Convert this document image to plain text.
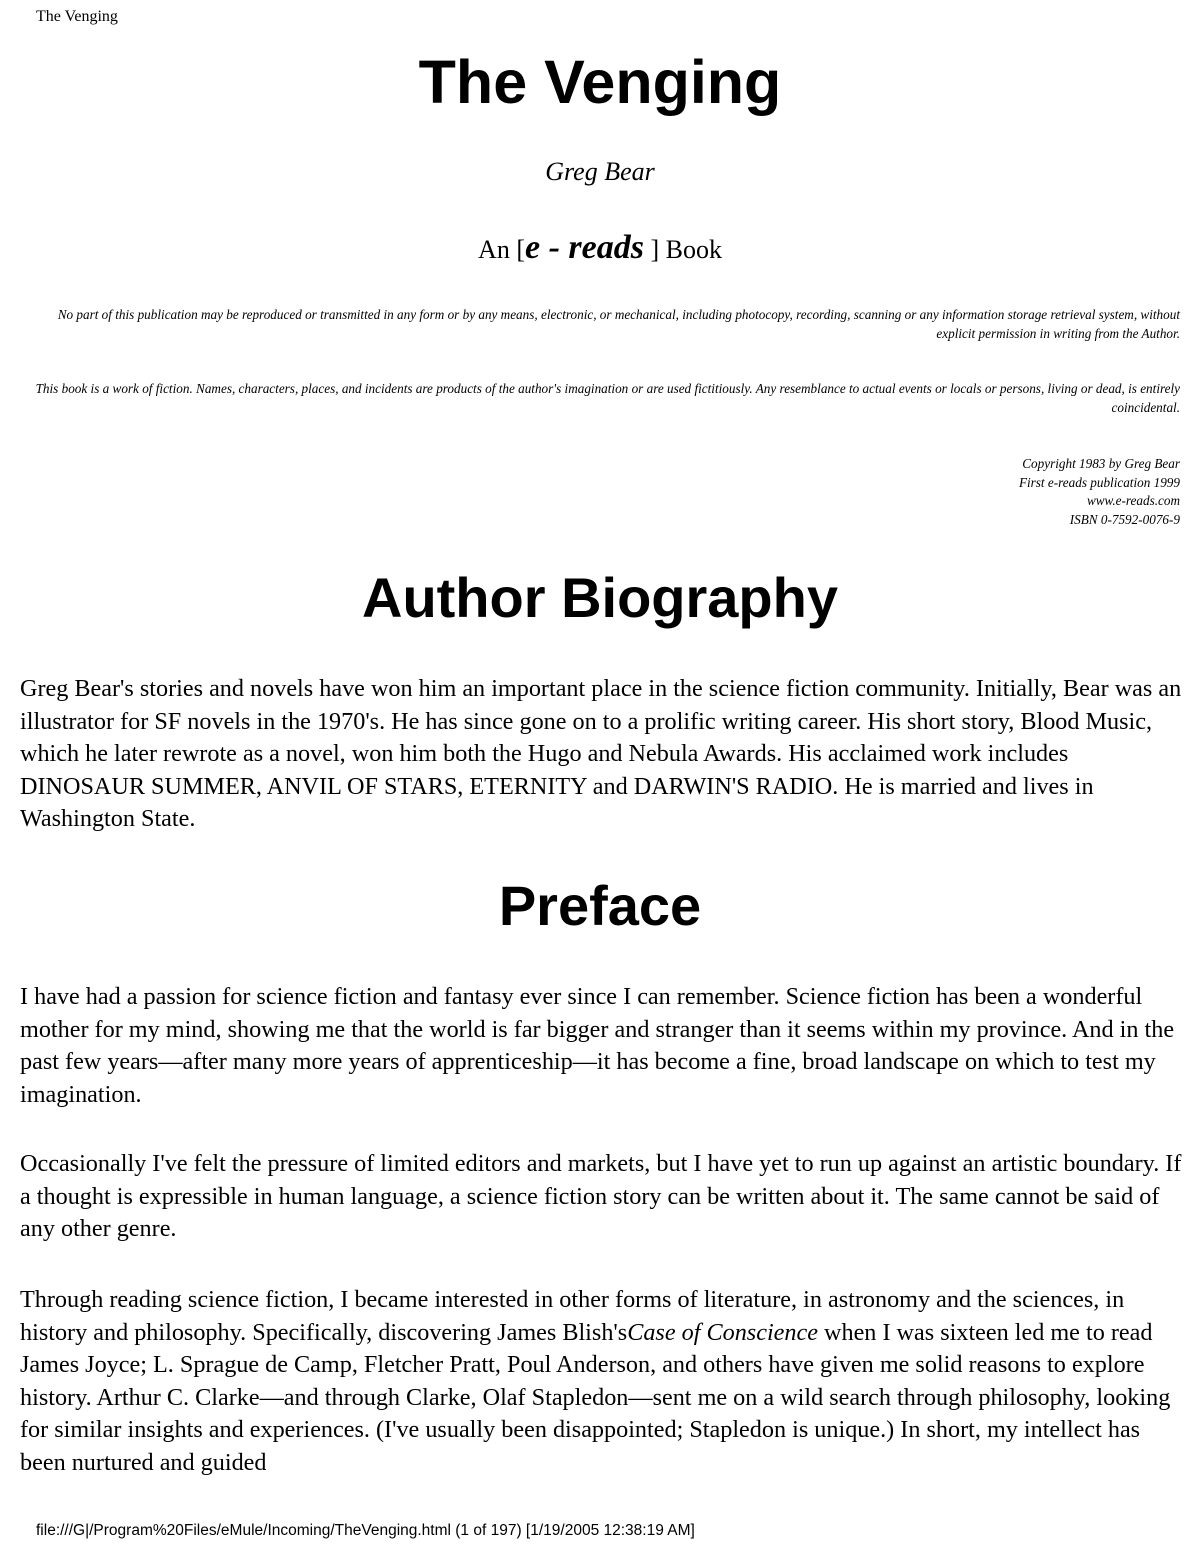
The Venging
The Venging
Greg Bear
An [e - reads ] Book
No part of this publication may be reproduced or transmitted in any form or by any means, electronic, or mechanical, including photocopy, recording, scanning or any information storage retrieval system, without explicit permission in writing from the Author.
This book is a work of fiction. Names, characters, places, and incidents are products of the author's imagination or are used fictitiously. Any resemblance to actual events or locals or persons, living or dead, is entirely coincidental.
Copyright 1983 by Greg Bear
First e-reads publication 1999
www.e-reads.com
ISBN 0-7592-0076-9
Author Biography

Greg Bear's stories and novels have won him an important place in the science fiction community. Initially, Bear was an illustrator for SF novels in the 1970's. He has since gone on to a prolific writing career. His short story, Blood Music, which he later rewrote as a novel, won him both the Hugo and Nebula Awards. His acclaimed work includes DINOSAUR SUMMER, ANVIL OF STARS, ETERNITY and DARWIN'S RADIO. He is married and lives in Washington State.

Preface

I have had a passion for science fiction and fantasy ever since I can remember. Science fiction has been a wonderful mother for my mind, showing me that the world is far bigger and stranger than it seems within my province. And in the past few years—after many more years of apprenticeship—it has become a fine, broad landscape on which to test my imagination.

Occasionally I've felt the pressure of limited editors and markets, but I have yet to run up against an artistic boundary. If a thought is expressible in human language, a science fiction story can be written about it. The same cannot be said of any other genre.

Through reading science fiction, I became interested in other forms of literature, in astronomy and the sciences, in history and philosophy. Specifically, discovering James Blish'sCase of Conscience when I was sixteen led me to read James Joyce; L. Sprague de Camp, Fletcher Pratt, Poul Anderson, and others have given me solid reasons to explore history. Arthur C. Clarke—and through Clarke, Olaf Stapledon—sent me on a wild search through philosophy, looking for similar insights and experiences. (I've usually been disappointed; Stapledon is unique.) In short, my intellect has been nurtured and guided

file:///G|/Program%20Files/eMule/Incoming/TheVenging.html (1 of 197) [1/19/2005 12:38:19 AM]
